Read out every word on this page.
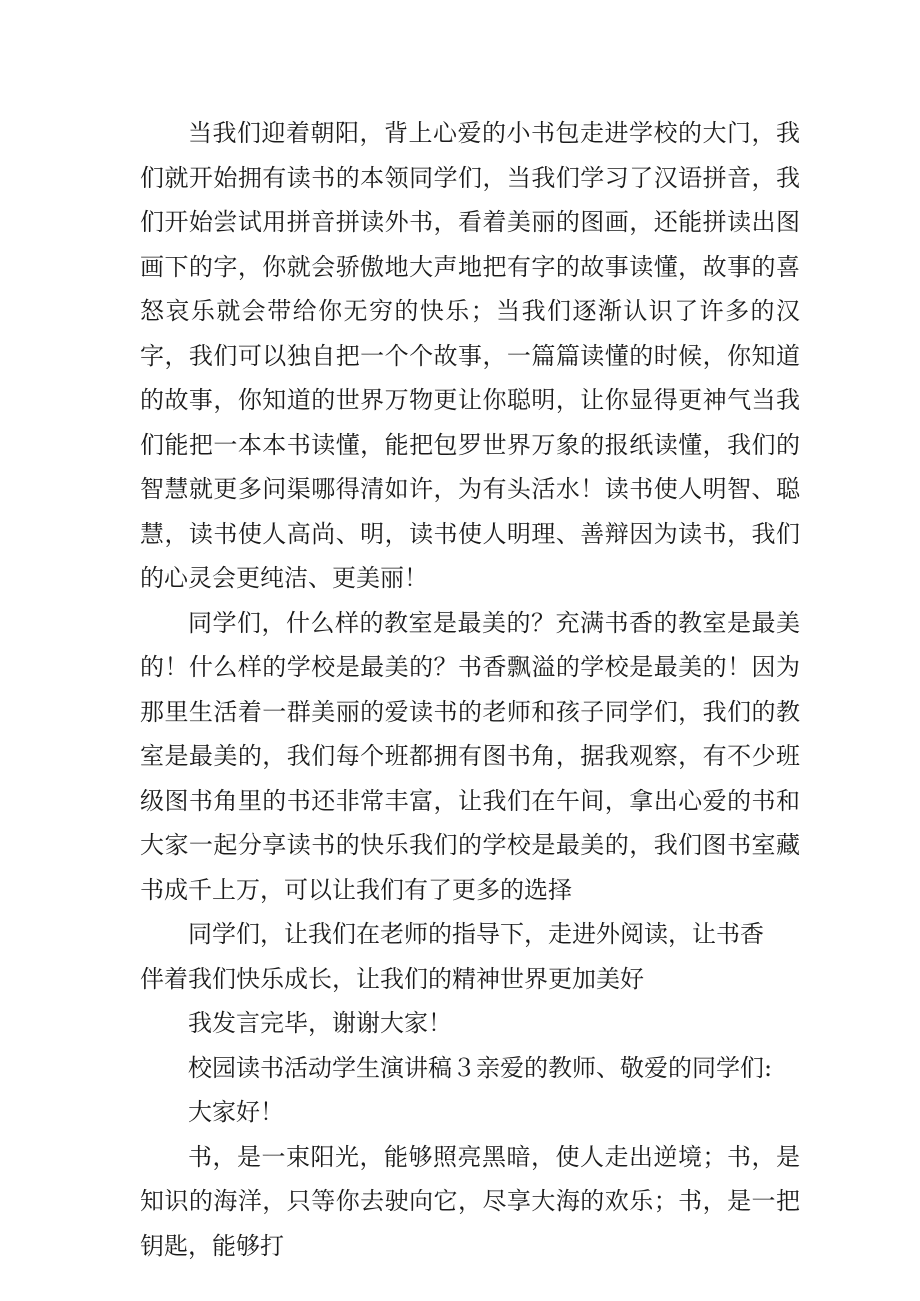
当我们迎着朝阳，背上心爱的小书包走进学校的大门，我们就开始拥有读书的本领同学们，当我们学习了汉语拼音，我们开始尝试用拼音拼读外书，看着美丽的图画，还能拼读出图画下的字，你就会骄傲地大声地把有字的故事读懂，故事的喜怒哀乐就会带给你无穷的快乐；当我们逐渐认识了许多的汉字，我们可以独自把一个个故事，一篇篇读懂的时候，你知道的故事，你知道的世界万物更让你聪明，让你显得更神气当我们能把一本本书读懂，能把包罗世界万象的报纸读懂，我们的智慧就更多问渠哪得清如许，为有头活水！读书使人明智、聪慧，读书使人高尚、明，读书使人明理、善辩因为读书，我们的心灵会更纯洁、更美丽！

同学们，什么样的教室是最美的？充满书香的教室是最美的！什么样的学校是最美的？书香飘溢的学校是最美的！因为那里生活着一群美丽的爱读书的老师和孩子同学们，我们的教室是最美的，我们每个班都拥有图书角，据我观察，有不少班级图书角里的书还非常丰富，让我们在午间，拿出心爱的书和大家一起分享读书的快乐我们的学校是最美的，我们图书室藏书成千上万，可以让我们有了更多的选择

同学们，让我们在老师的指导下，走进外阅读，让书香
伴着我们快乐成长，让我们的精神世界更加美好

我发言完毕，谢谢大家！

校园读书活动学生演讲稿３亲爱的教师、敬爱的同学们:

大家好！

书，是一束阳光，能够照亮黑暗，使人走出逆境；书，是知识的海洋，只等你去驶向它，尽享大海的欢乐；书，是一把钥匙，能够打
